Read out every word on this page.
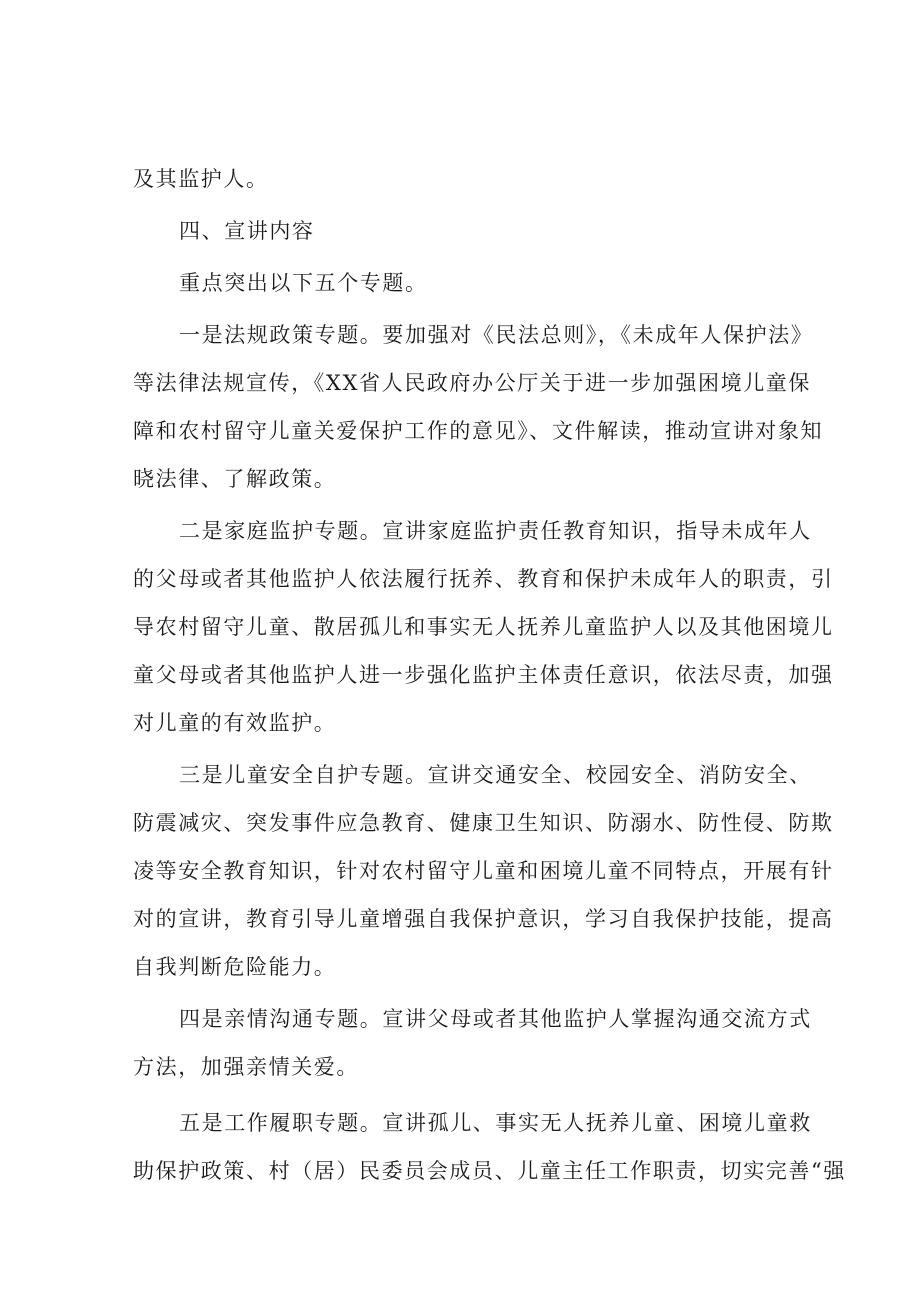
及其监护人。
四、宣讲内容
重点突出以下五个专题。
一是法规政策专题。要加强对《民法总则》，《未成年人保护法》
等法律法规宣传，《XX省人民政府办公厅关于进一步加强困境儿童保
障和农村留守儿童关爱保护工作的意见》、文件解读，推动宣讲对象知
晓法律、了解政策。
二是家庭监护专题。宣讲家庭监护责任教育知识，指导未成年人
的父母或者其他监护人依法履行抚养、教育和保护未成年人的职责，引
导农村留守儿童、散居孤儿和事实无人抚养儿童监护人以及其他困境儿
童父母或者其他监护人进一步强化监护主体责任意识，依法尽责，加强
对儿童的有效监护。
三是儿童安全自护专题。宣讲交通安全、校园安全、消防安全、
防震减灾、突发事件应急教育、健康卫生知识、防溺水、防性侵、防欺
凌等安全教育知识，针对农村留守儿童和困境儿童不同特点，开展有针
对的宣讲，教育引导儿童增强自我保护意识，学习自我保护技能，提高
自我判断危险能力。
四是亲情沟通专题。宣讲父母或者其他监护人掌握沟通交流方式
方法，加强亲情关爱。
五是工作履职专题。宣讲孤儿、事实无人抚养儿童、困境儿童救
助保护政策、村（居）民委员会成员、儿童主任工作职责，切实完善“强
